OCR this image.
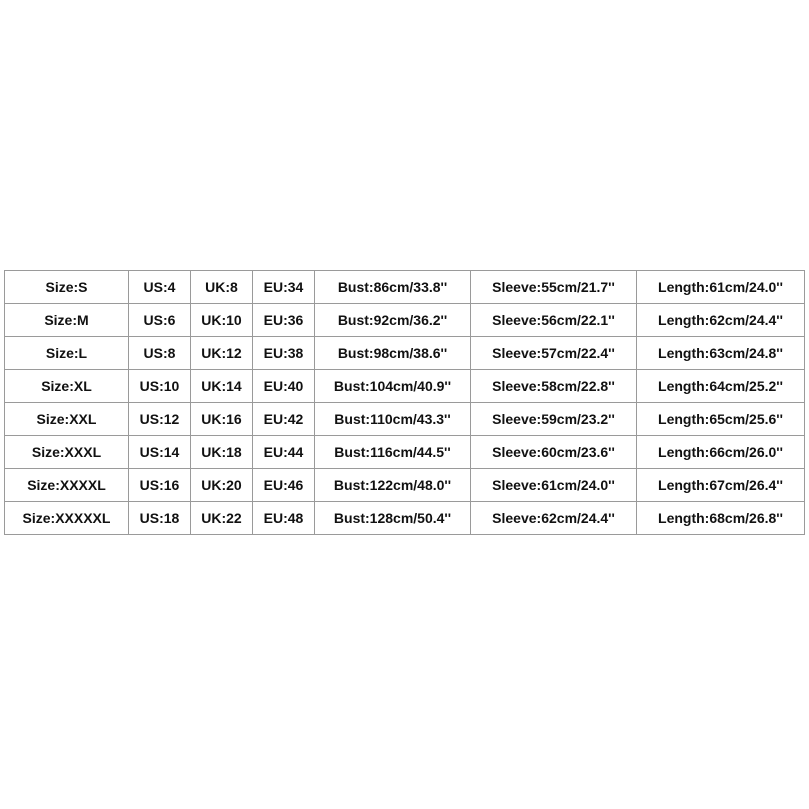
Size:S	US:4	UK:8	EU:34	Bust:86cm/33.8''	Sleeve:55cm/21.7''	Length:61cm/24.0''
Size:M	US:6	UK:10	EU:36	Bust:92cm/36.2''	Sleeve:56cm/22.1''	Length:62cm/24.4''
Size:L	US:8	UK:12	EU:38	Bust:98cm/38.6''	Sleeve:57cm/22.4''	Length:63cm/24.8''
Size:XL	US:10	UK:14	EU:40	Bust:104cm/40.9''	Sleeve:58cm/22.8''	Length:64cm/25.2''
Size:XXL	US:12	UK:16	EU:42	Bust:110cm/43.3''	Sleeve:59cm/23.2''	Length:65cm/25.6''
Size:XXXL	US:14	UK:18	EU:44	Bust:116cm/44.5''	Sleeve:60cm/23.6''	Length:66cm/26.0''
Size:XXXXL	US:16	UK:20	EU:46	Bust:122cm/48.0''	Sleeve:61cm/24.0''	Length:67cm/26.4''
Size:XXXXXL	US:18	UK:22	EU:48	Bust:128cm/50.4''	Sleeve:62cm/24.4''	Length:68cm/26.8''
